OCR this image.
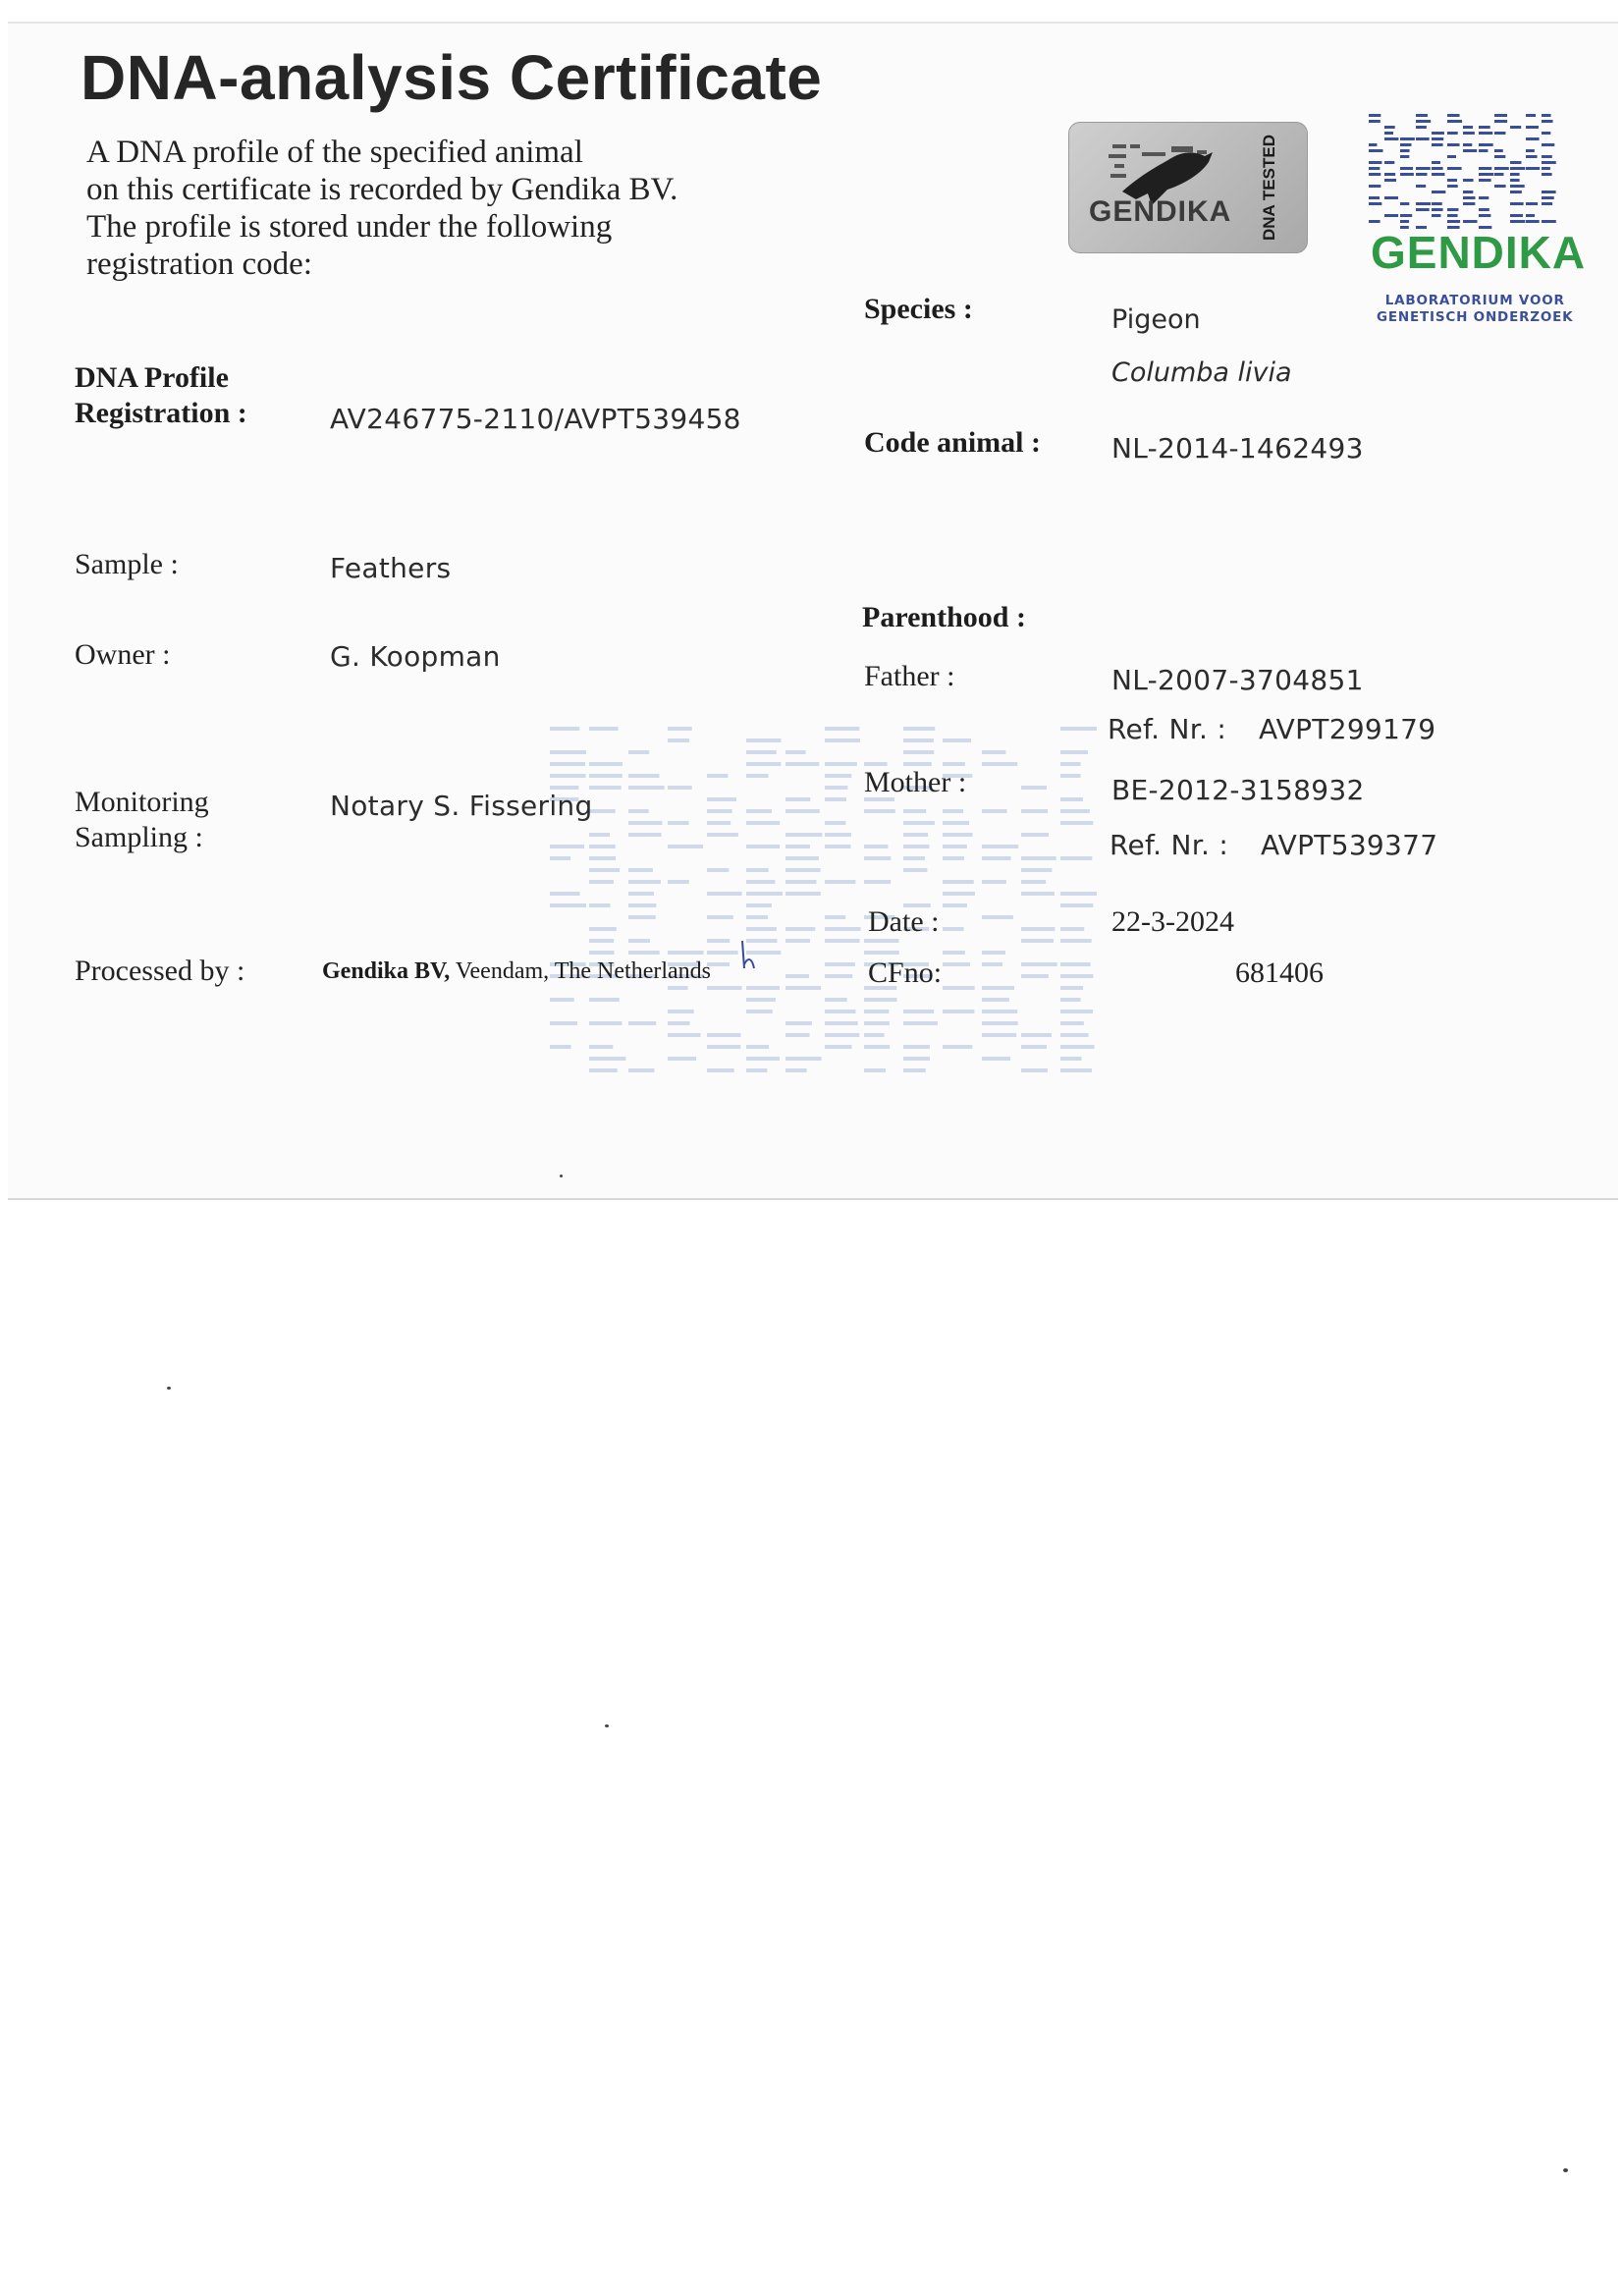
DNA-analysis Certificate
A DNA profile of the specified animal
on this certificate is recorded by Gendika BV.
The profile is stored under the following
registration code:
GENDIKA DNA TESTED
GENDIKA
LABORATORIUM VOOR
GENETISCH ONDERZOEK
DNA Profile
Registration :	AV246775-2110/AVPT539458
Sample :	Feathers
Owner :	G. Koopman
Monitoring
Sampling :
Notary S. Fissering
Processed by :	Gendika BV, Veendam, The Netherlands
Species :	Pigeon
Columba livia
Code animal :	NL-2014-1462493
Parenthood :
Father :	NL-2007-3704851
Ref. Nr. : AVPT299179
Mother :	BE-2012-3158932
Ref. Nr. : AVPT539377
Date :	22-3-2024
CFno:	681406
